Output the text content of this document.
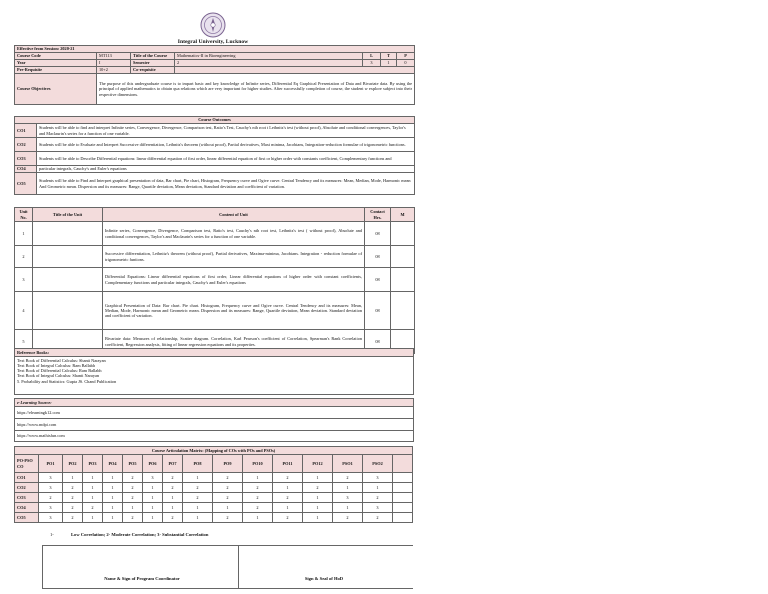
Integral University, Lucknow
Effective from Session: 2020-21						
Course Code	MT113	Title of the Course	Mathematics-II in Bioengineering	L	T	P
Year	I	Semester	2	3	1	0
Pre-Requisite	10+2	Co-requisite				
Course Objectives	The purpose of this undergraduate course is to impart basic and key knowledge of Infinite series, Differential Eq Graphical Presentation of Data and Bivariate data. By using the principal of applied mathematics to obtain qua relations which are very important for higher studies. After successfully completion of course, the student w explore subject into their respective dimensions.					
Course Outcomes	
CO1	Students will be able to find and interpret Infinite series, Convergence, Divergence, Comparison test, Ratio's Test, Cauchy's nth root t Leibnitz's test (without proof), Absolute and conditional convergences, Taylor's and Maclaurin's series for a function of one variable.
CO2	Students will be able to Evaluate and Interpret Successive differentiation, Leibnitz's theorem (without proof), Partial derivatives, Maxi minima, Jacobians, Integration-reduction formulae of trigonometric functions.
CO3	Students will be able to Describe Differential equations: linear differential equation of first order, linear differential equation of first or higher order with constants coefficient, Complementary functions and
CO4	particular integrals, Cauchy's and Euler's equations
CO5	Students will be able to Find and Interpret graphical presentation of data, Bar chart, Pie chart, Histogram, Frequency curve and Ogive curve. Central Tendency and its measures: Mean, Median, Mode, Harmonic mean And Geometric mean. Dispersion and its measures: Range, Quartile deviation, Mean deviation, Standard deviation and coefficient of variation.
Unit No.	Title of the Unit	Content of Unit	Contact Hrs.	M
1		Infinite series, Convergence, Divergence, Comparison test, Ratio's test, Cauchy's nth root test, Leibnitz's test ( without proof), Absolute and conditional convergences, Taylor's and Maclaurin's series for a function of one variable.	08	
2		Successive differentiation, Leibnitz's theorem (without proof), Partial derivatives, Maxima-minima, Jacobians. Integration - reduction formulae of trigonometric funtions.	08	
3		Differential Equations: Linear differential equations of first order, Linear differential equations of higher order with constant coefficients, Complementary functions and particular integrals, Cauchy's and Euler's equations	08	
4		Graphical Presentation of Data: Bar chart. Pie chart. Histogram, Frequency curve and Ogive curve. Central Tendency and its measures: Mean, Median, Mode, Harmonic mean and Geometric mean. Dispersion and its measures: Range, Quartile deviation, Mean deviation. Standard deviation and coefficient of variation.	08	
5		Bivariate data: Measures of relationship, Scatter diagram. Correlation, Karl Pearson's coefficient of Correlation, Spearman's Rank Correlation coefficient, Regression analysis, fitting of linear regression equations and its properties.	08	
Reference Books:

Text Book of Differential Calculus: Shanti Narayan
Text Book of Integral Calculus: Ram Ballabh
Text Book of Differential Calculus: Ram Ballabh
Text Book of Integral Calculus: Shanti Narayan
5. Probability and Statistics: Gupta JS. Chand Publication
e-Learning Source:
https://elearningk12.com
https://www.mdpi.com
https://www.mathisfun.com
Course Articulation Matrix: (Mapping of COs with POs and PSOs)															

PO-PSO
CO	PO1	PO2	PO3	PO4	PO5	PO6	PO7	PO8	PO9	PO10	PO11	PO12	PSO1	PSO2	
CO1	3	1	1	1	2	3	2	1	2	1	2	1	2	3	
CO2	3	2	1	1	2	1	2	2	2	2	1	2	1	1	
CO3	2	2	1	1	2	1	1	2	2	2	2	1	3	2	
CO4	3	2	2	1	1	1	1	1	1	2	1	1	1	3	
CO5	3	2	1	1	2	1	2	1	2	1	2	1	2	2	
1-	Low Correlation; 2- Moderate Correlation; 3- Substantial Correlation
Name & Sign of Program Coordinator	Sign & Seal of HoD
